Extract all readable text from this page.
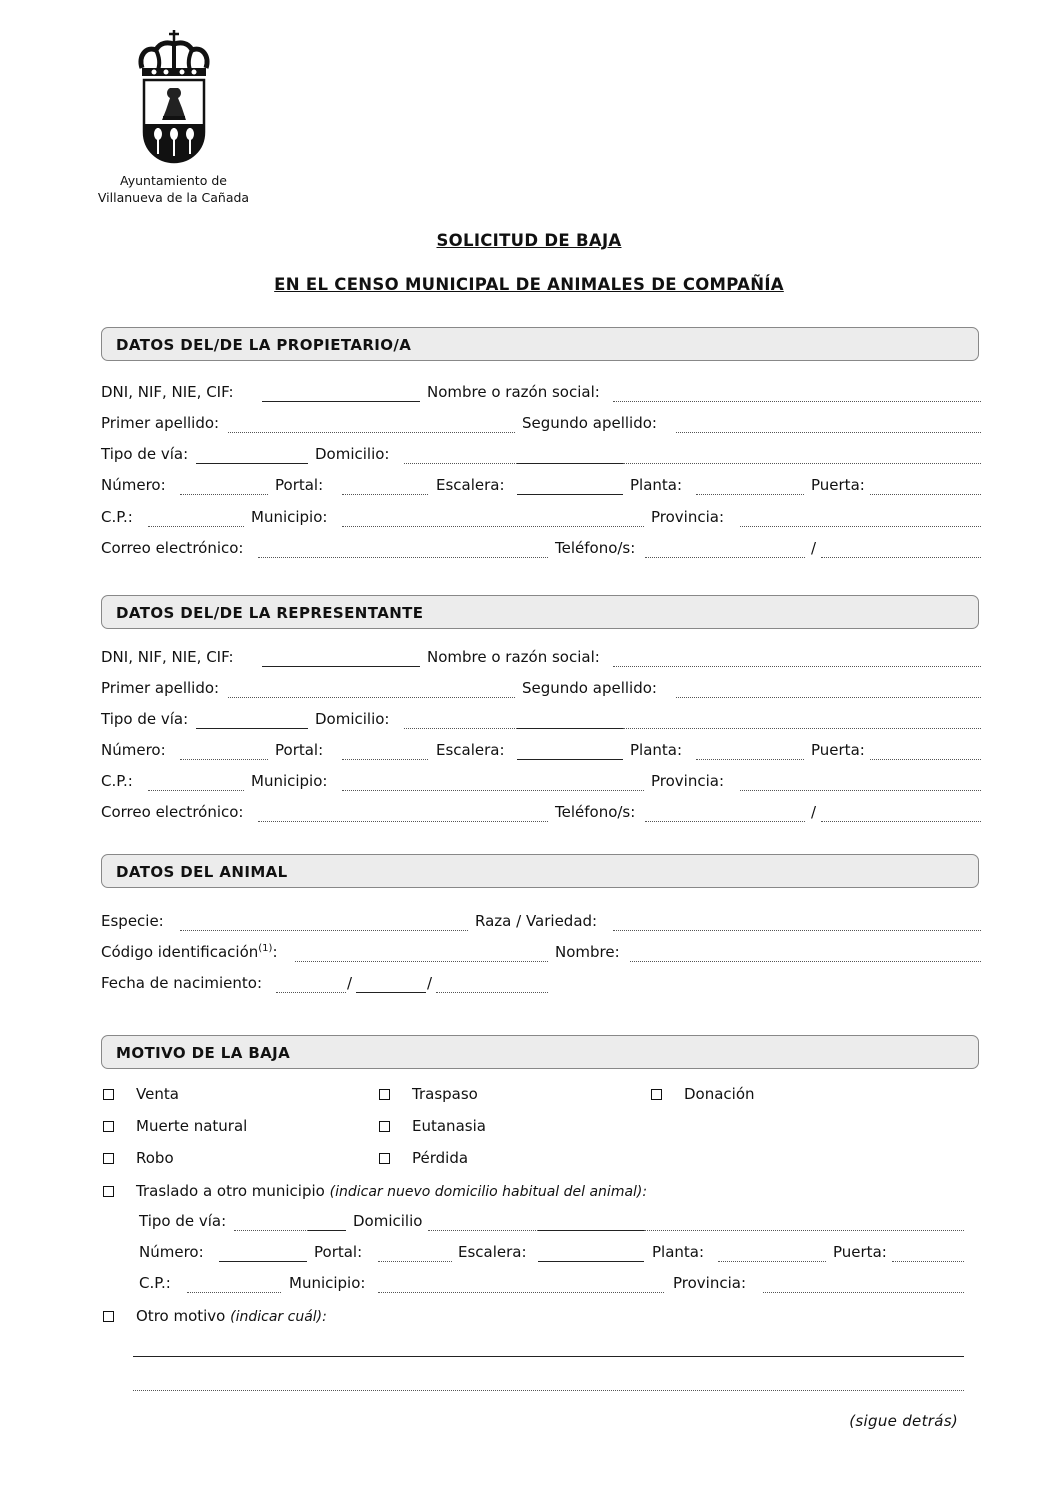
Ayuntamiento de
Villanueva de la Cañada
SOLICITUD DE BAJA
EN EL CENSO MUNICIPAL DE ANIMALES DE COMPAÑÍA
DATOS DEL/DE LA PROPIETARIO/A
DNI, NIF, NIE, CIF:	Nombre o razón social:
Primer apellido:	Segundo apellido:
Tipo de vía:	Domicilio:
Número:	Portal:	Escalera:	Planta:	Puerta:
C.P.:	Municipio:	Provincia:
Correo electrónico:	Teléfono/s:	/
DATOS DEL/DE LA REPRESENTANTE
DNI, NIF, NIE, CIF:	Nombre o razón social:
Primer apellido:	Segundo apellido:
Tipo de vía:	Domicilio:
Número:	Portal:	Escalera:	Planta:	Puerta:
C.P.:	Municipio:	Provincia:
Correo electrónico:	Teléfono/s:	/
DATOS DEL ANIMAL
Especie:	Raza / Variedad:
Código identificación$^{(1)}$:	Nombre:
Fecha de nacimiento:	/	/
MOTIVO DE LA BAJA
Venta	Traspaso	Donación
Muerte natural	Eutanasia
Robo	Pérdida
Traslado a otro municipio (indicar nuevo domicilio habitual del animal):
Tipo de vía:	Domicilio
Número:	Portal:	Escalera:	Planta:	Puerta:
C.P.:	Municipio:	Provincia:
Otro motivo (indicar cuál):
(sigue detrás)
